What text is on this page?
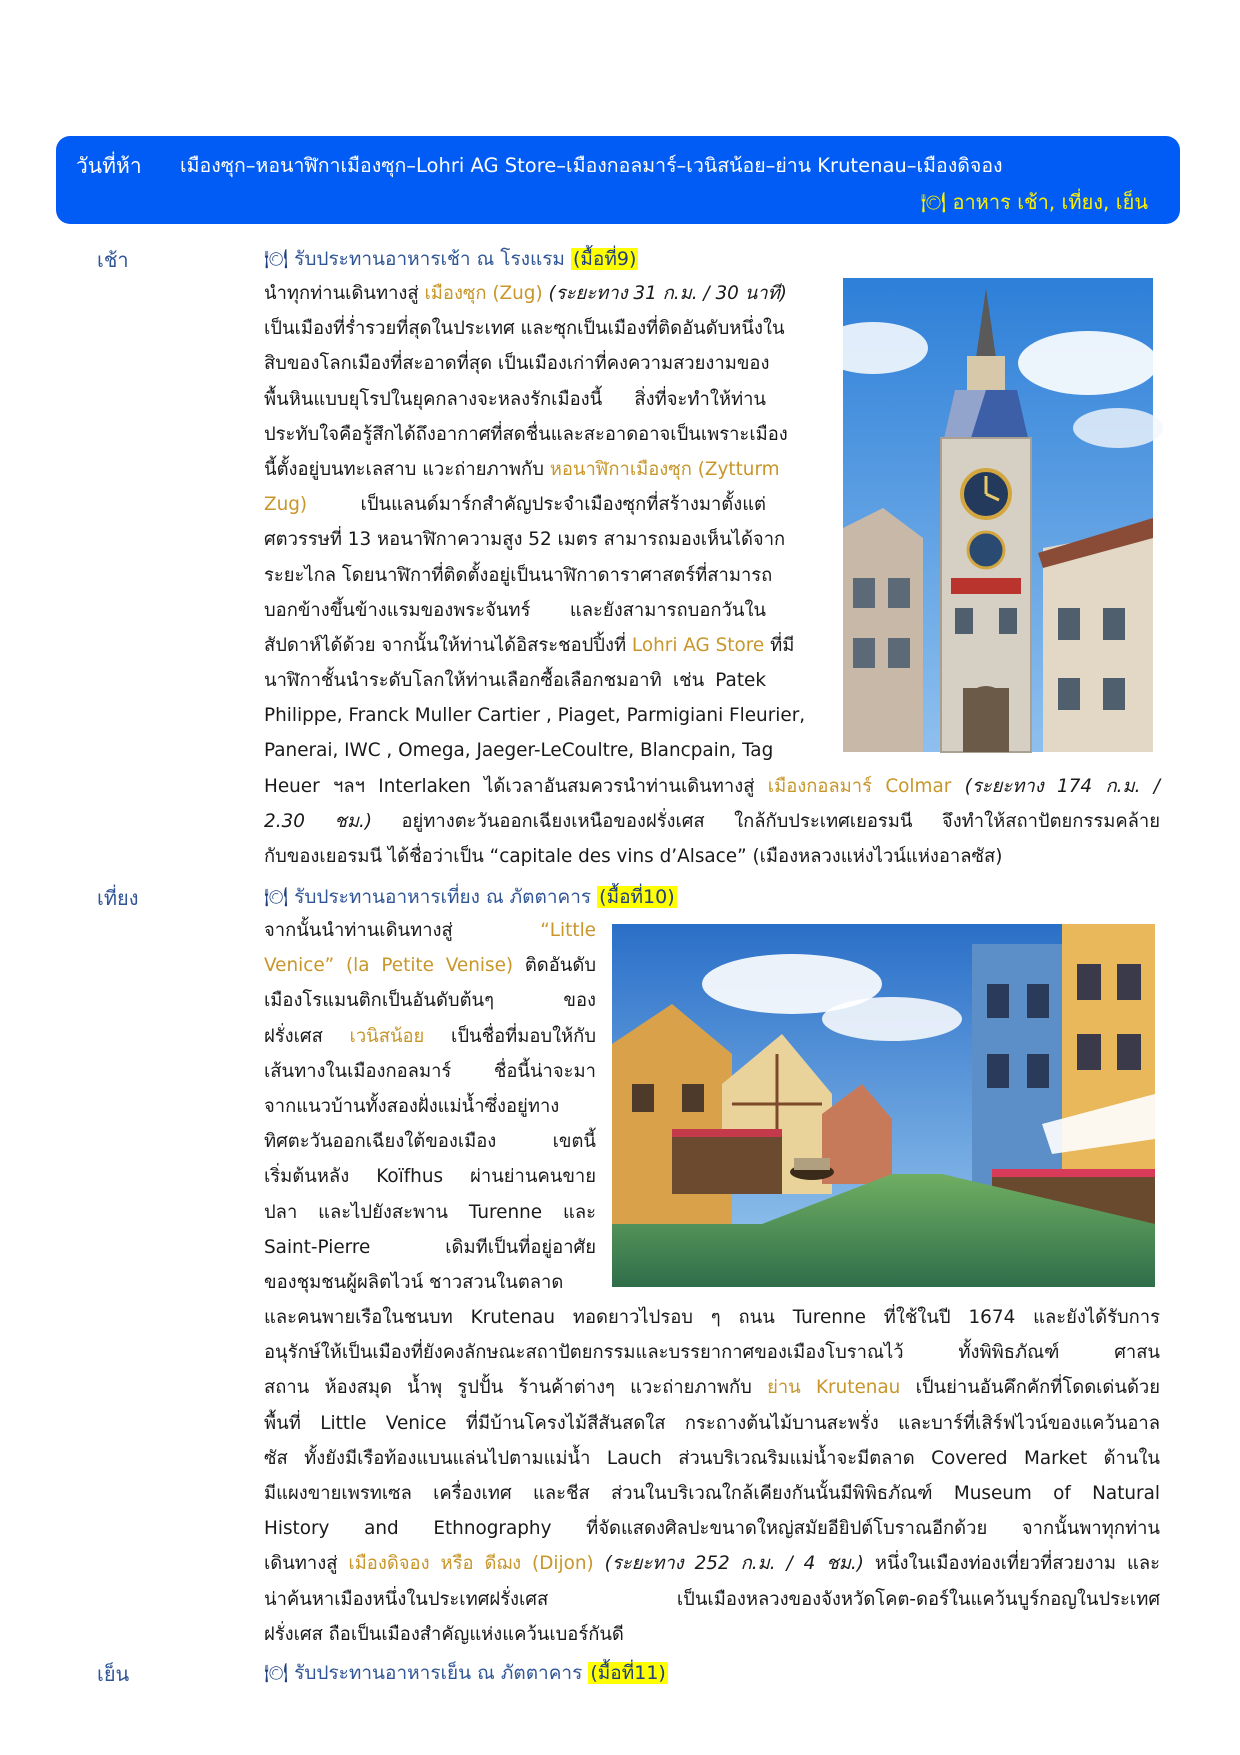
วันที่ห้า เมืองซุก–หอนาฬิกาเมืองซุก–Lohri AG Store–เมืองกอลมาร์–เวนิสน้อย–ย่าน Krutenau–เมืองดิจอง
🍽 อาหาร เช้า, เที่ยง, เย็น
เช้า	🍽 รับประทานอาหารเช้า ณ โรงแรม (มื้อที่9)
นำทุกท่านเดินทางสู่ เมืองซุก (Zug) (ระยะทาง 31 ก.ม. / 30 นาที)
เป็นเมืองที่ร่ำรวยที่สุดในประเทศ และซุกเป็นเมืองที่ติดอันดับหนึ่งใน
สิบของโลกเมืองที่สะอาดที่สุด เป็นเมืองเก่าที่คงความสวยงามของ
พื้นหินแบบยุโรปในยุคกลางจะหลงรักเมืองนี้ สิ่งที่จะทำให้ท่าน
ประทับใจคือรู้สึกได้ถึงอากาศที่สดชื่นและสะอาดอาจเป็นเพราะเมือง
นี้ตั้งอยู่บนทะเลสาบ แวะถ่ายภาพกับ หอนาฬิกาเมืองซุก (Zytturm
Zug) เป็นแลนด์มาร์กสำคัญประจำเมืองซุกที่สร้างมาตั้งแต่
ศตวรรษที่ 13 หอนาฬิกาความสูง 52 เมตร สามารถมองเห็นได้จาก
ระยะไกล โดยนาฬิกาที่ติดตั้งอยู่เป็นนาฬิกาดาราศาสตร์ที่สามารถ
บอกข้างขึ้นข้างแรมของพระจันทร์ และยังสามารถบอกวันใน
สัปดาห์ได้ด้วย จากนั้นให้ท่านได้อิสระชอปปิ้งที่ Lohri AG Store ที่มี
นาฬิกาชั้นนำระดับโลกให้ท่านเลือกซื้อเลือกชมอาทิ เช่น Patek
Philippe, Franck Muller Cartier , Piaget, Parmigiani Fleurier,
Panerai, IWC , Omega, Jaeger-LeCoultre, Blancpain, Tag
Heuer ฯลฯ Interlaken ได้เวลาอันสมควรนำท่านเดินทางสู่ เมืองกอลมาร์ Colmar (ระยะทาง 174 ก.ม. /
2.30 ชม.) อยู่ทางตะวันออกเฉียงเหนือของฝรั่งเศส ใกล้กับประเทศเยอรมนี จึงทำให้สถาปัตยกรรมคล้าย
กับของเยอรมนี ได้ชื่อว่าเป็น “capitale des vins d’Alsace” (เมืองหลวงแห่งไวน์แห่งอาลซัส)
เที่ยง	🍽 รับประทานอาหารเที่ยง ณ ภัตตาคาร (มื้อที่10)
จากนั้นนำท่านเดินทางสู่ “Little
Venice” (la Petite Venise) ติดอันดับ
เมืองโรแมนติกเป็นอันดับต้นๆ ของ
ฝรั่งเศส เวนิสน้อย เป็นชื่อที่มอบให้กับ
เส้นทางในเมืองกอลมาร์ ชื่อนี้น่าจะมา
จากแนวบ้านทั้งสองฝั่งแม่น้ำซึ่งอยู่ทาง
ทิศตะวันออกเฉียงใต้ของเมือง เขตนี้
เริ่มต้นหลัง Koïfhus ผ่านย่านคนขาย
ปลา และไปยังสะพาน Turenne และ
Saint-Pierre เดิมทีเป็นที่อยู่อาศัย
ของชุมชนผู้ผลิตไวน์ ชาวสวนในตลาด
และคนพายเรือในชนบท Krutenau ทอดยาวไปรอบ ๆ ถนน Turenne ที่ใช้ในปี 1674 และยังได้รับการ
อนุรักษ์ให้เป็นเมืองที่ยังคงลักษณะสถาปัตยกรรมและบรรยากาศของเมืองโบราณไว้ ทั้งพิพิธภัณฑ์ ศาสน
สถาน ห้องสมุด น้ำพุ รูปปั้น ร้านค้าต่างๆ แวะถ่ายภาพกับ ย่าน Krutenau เป็นย่านอันคึกคักที่โดดเด่นด้วย
พื้นที่ Little Venice ที่มีบ้านโครงไม้สีสันสดใส กระถางต้นไม้บานสะพรั่ง และบาร์ที่เสิร์ฟไวน์ของแคว้นอาล
ซัส ทั้งยังมีเรือท้องแบนแล่นไปตามแม่น้ำ Lauch ส่วนบริเวณริมแม่น้ำจะมีตลาด Covered Market ด้านใน
มีแผงขายเพรทเซล เครื่องเทศ และชีส ส่วนในบริเวณใกล้เคียงกันนั้นมีพิพิธภัณฑ์ Museum of Natural
History and Ethnography ที่จัดแสดงศิลปะขนาดใหญ่สมัยอียิปต์โบราณอีกด้วย จากนั้นพาทุกท่าน
เดินทางสู่ เมืองดิจอง หรือ ดีฌง (Dijon) (ระยะทาง 252 ก.ม. / 4 ชม.) หนึ่งในเมืองท่องเที่ยวที่สวยงาม และ
น่าค้นหาเมืองหนึ่งในประเทศฝรั่งเศส เป็นเมืองหลวงของจังหวัดโคต-ดอร์ในแคว้นบูร์กอญในประเทศ
ฝรั่งเศส ถือเป็นเมืองสำคัญแห่งแคว้นเบอร์กันดี
เย็น	🍽 รับประทานอาหารเย็น ณ ภัตตาคาร (มื้อที่11)
